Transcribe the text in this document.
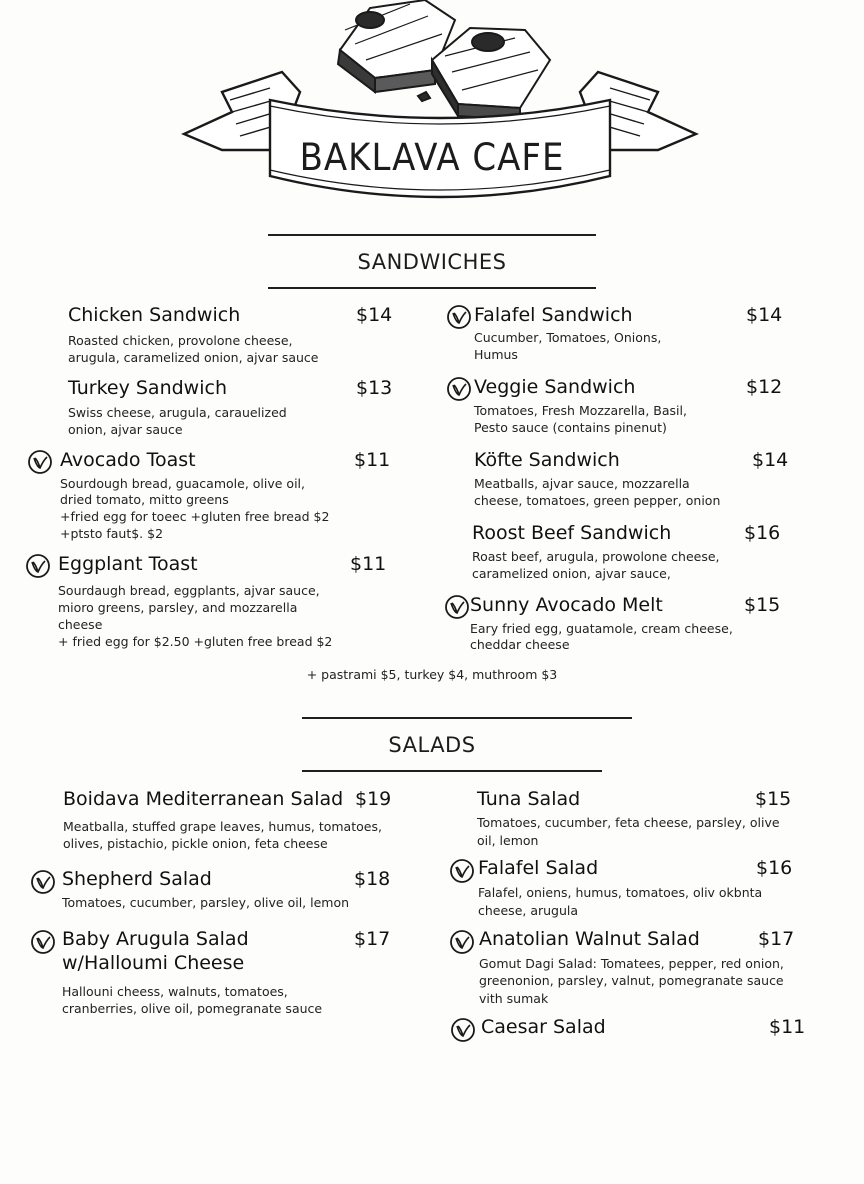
BAKLAVA CAFE
SANDWICHES
Chicken Sandwich	$14
Roasted chicken, provolone cheese,
arugula, caramelized onion, ajvar sauce
Turkey Sandwich	$13
Swiss cheese, arugula, carauelized
onion, ajvar sauce
Avocado Toast	$11
Sourdough bread, guacamole, olive oil,
dried tomato, mitto greens
+fried egg for toeec +gluten free bread $2
+ptsto faut$. $2
Eggplant Toast	$11
Sourdaugh bread, eggplants, ajvar sauce,
mioro greens, parsley, and mozzarella
cheese
+ fried egg for $2.50 +gluten free bread $2
Falafel Sandwich	$14
Cucumber, Tomatoes, Onions,
Humus
Veggie Sandwich	$12
Tomatoes, Fresh Mozzarella, Basil,
Pesto sauce (contains pinenut)
Köfte Sandwich	$14
Meatballs, ajvar sauce, mozzarella
cheese, tomatoes, green pepper, onion
Roost Beef Sandwich	$16
Roast beef, arugula, prowolone cheese,
caramelized onion, ajvar sauce,
Sunny Avocado Melt	$15
Eary fried egg, guatamole, cream cheese,
cheddar cheese
+ pastrami $5, turkey $4, muthroom $3
SALADS
Boidava Mediterranean Salad $19
Meatballa, stuffed grape leaves, humus, tomatoes,
olives, pistachio, pickle onion, feta cheese
Shepherd Salad	$18
Tomatoes, cucumber, parsley, olive oil, lemon
Baby Arugula Salad
w/Halloumi Cheese
$17
Hallouni cheess, walnuts, tomatoes,
cranberries, olive oil, pomegranate sauce
Tuna Salad	$15
Tomatoes, cucumber, feta cheese, parsley, olive
oil, lemon
Falafel Salad	$16
Falafel, oniens, humus, tomatoes, oliv okbnta
cheese, arugula
Anatolian Walnut Salad	$17
Gomut Dagi Salad: Tomatees, pepper, red onion,
greenonion, parsley, valnut, pomegranate sauce
vith sumak
Caesar Salad	$11
